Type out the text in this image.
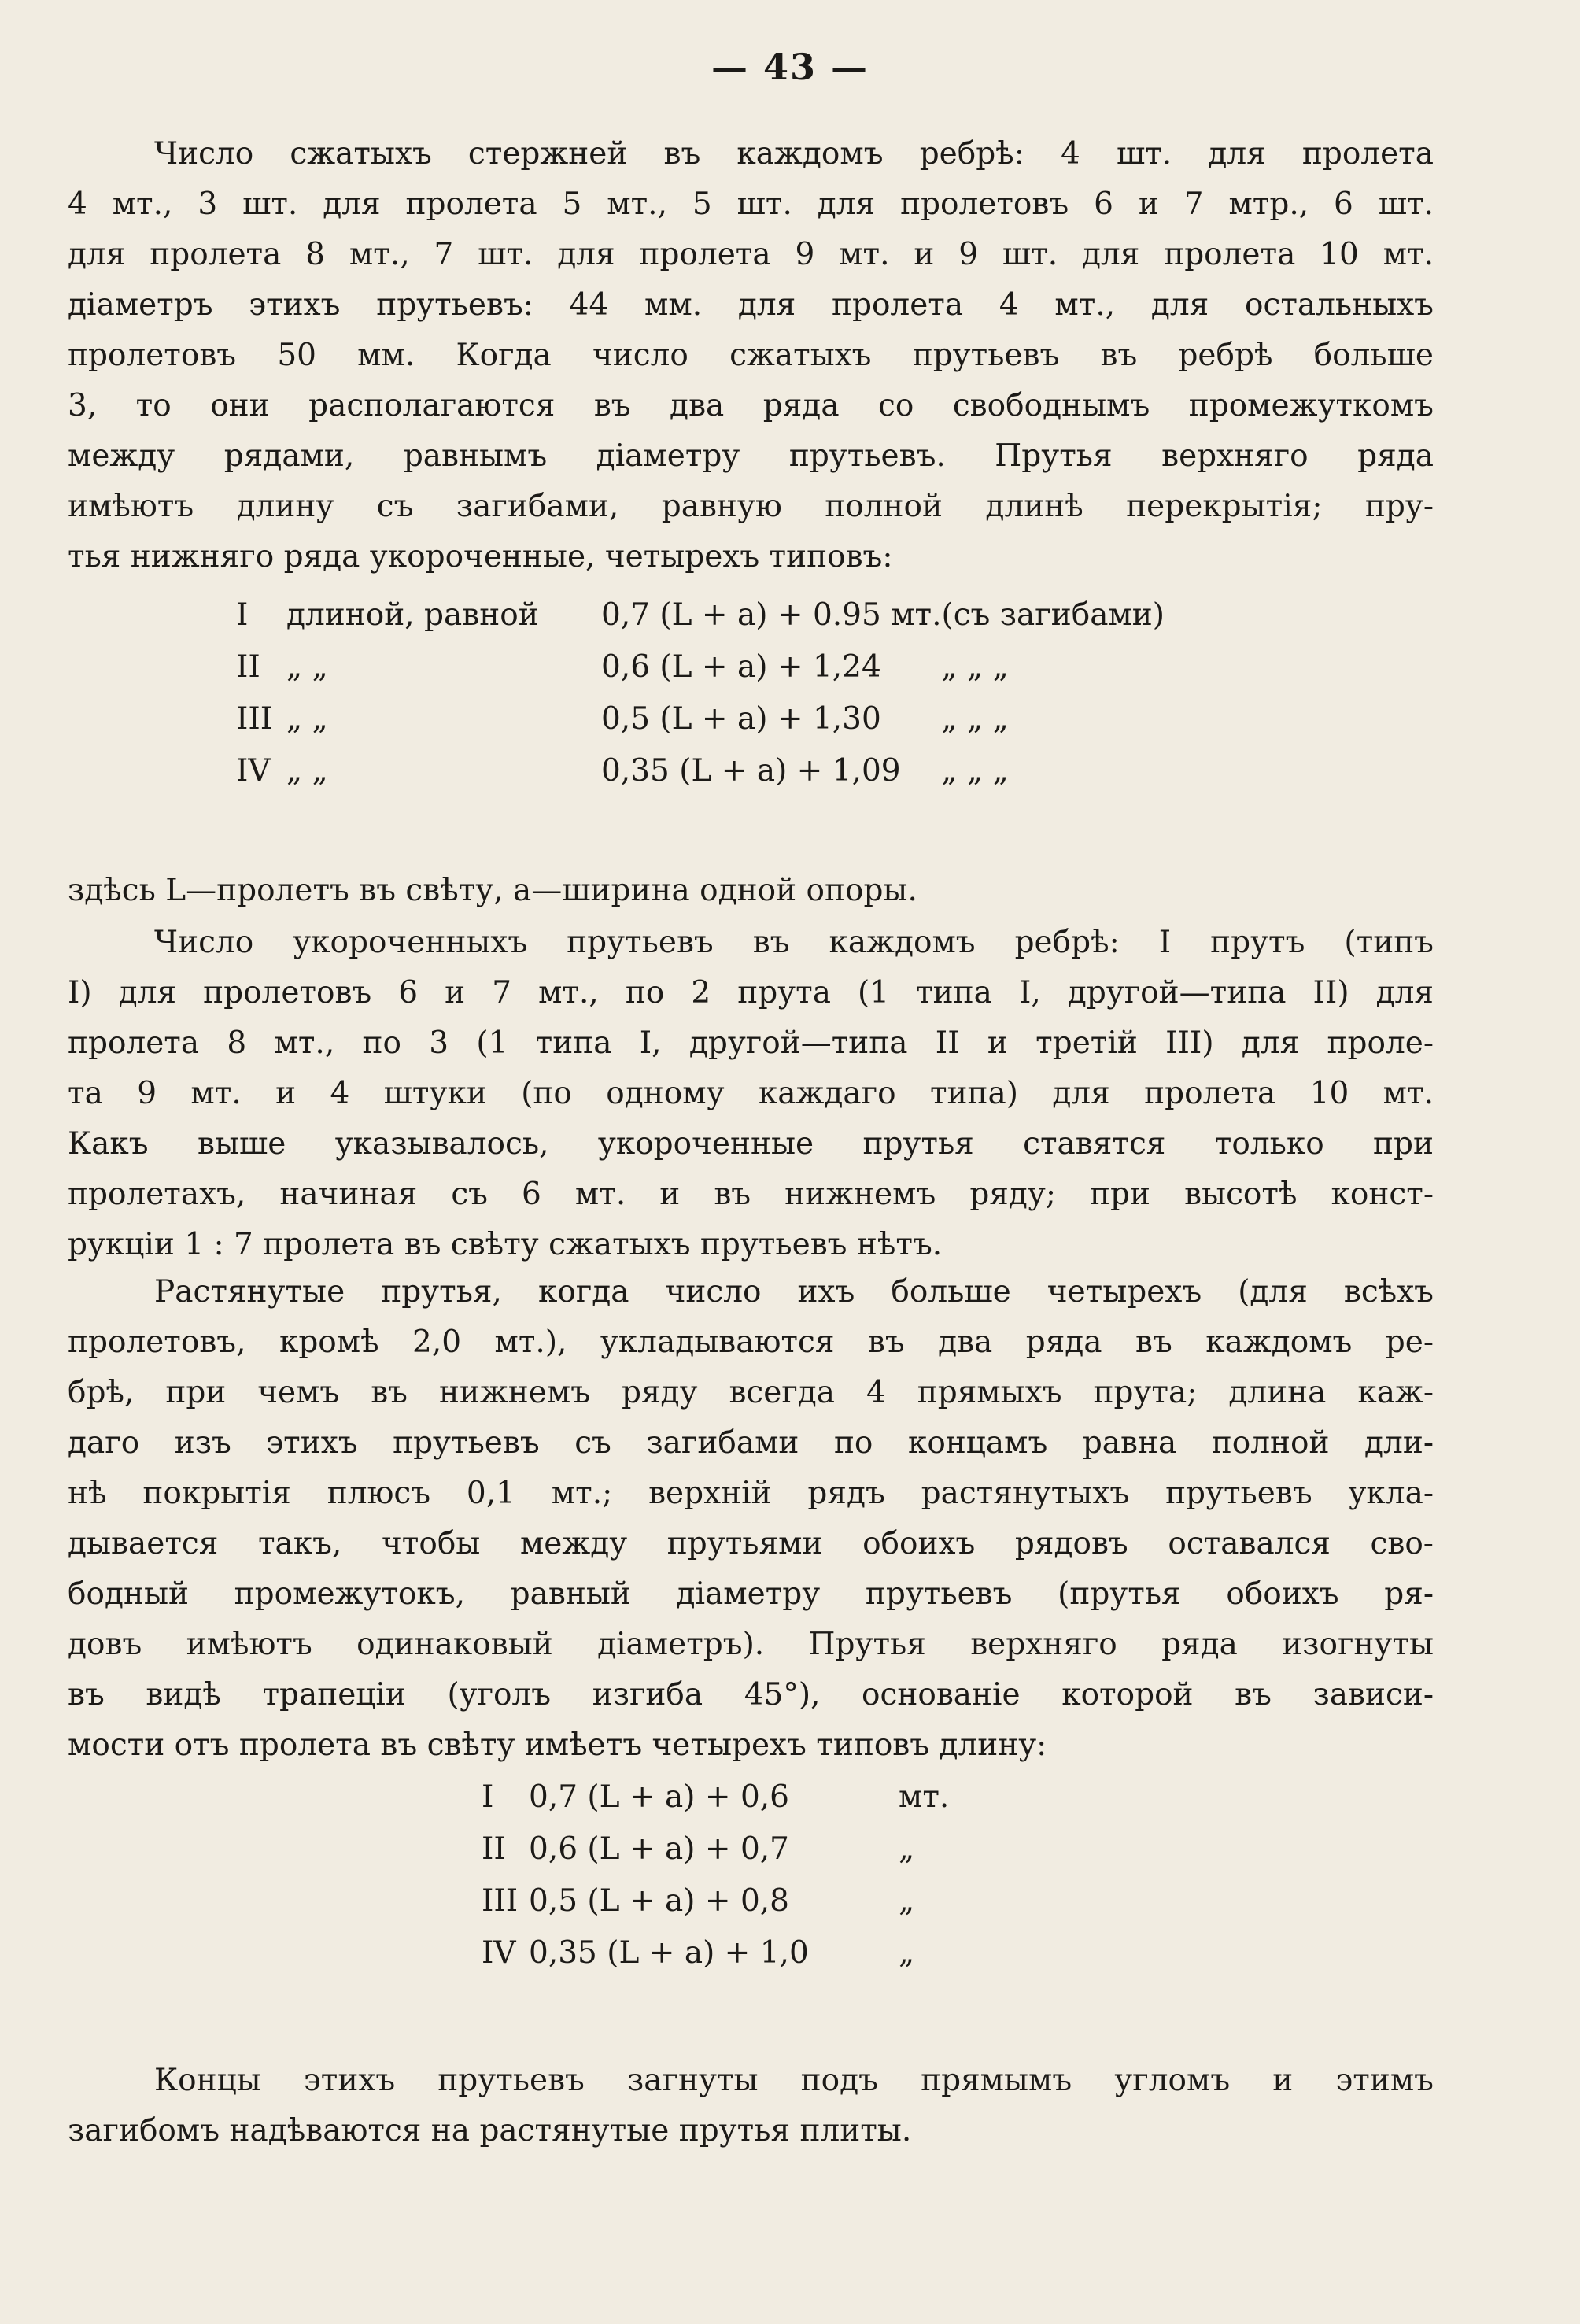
— 43 —
Число сжатыхъ стержней въ каждомъ ребрѣ: 4 шт. для пролета
4 мт., 3 шт. для пролета 5 мт., 5 шт. для пролетовъ 6 и 7 мтр., 6 шт.
для пролета 8 мт., 7 шт. для пролета 9 мт. и 9 шт. для пролета 10 мт.
діаметръ этихъ прутьевъ: 44 мм. для пролета 4 мт., для остальныхъ
пролетовъ 50 мм. Когда число сжатыхъ прутьевъ въ ребрѣ больше
3, то они располагаются въ два ряда со свободнымъ промежуткомъ
между рядами, равнымъ діаметру прутьевъ. Прутья верхняго ряда
имѣютъ длину съ загибами, равную полной длинѣ перекрытія; пру-
тья нижняго ряда укороченные, четырехъ типовъ:
I	длиной, равной	0,7 (L + a) + 0.95 мт.	(съ загибами)
II	„ „	0,6 (L + a) + 1,24	„ „ „
III	„ „	0,5 (L + a) + 1,30	„ „ „
IV	„ „	0,35 (L + a) + 1,09	„ „ „
здѣсь L—пролетъ въ свѣту, a—ширина одной опоры.
Число укороченныхъ прутьевъ въ каждомъ ребрѣ: I прутъ (типъ
I) для пролетовъ 6 и 7 мт., по 2 прута (1 типа I, другой—типа II) для
пролета 8 мт., по 3 (1 типа I, другой—типа II и третій III) для проле-
та 9 мт. и 4 штуки (по одному каждаго типа) для пролета 10 мт.
Какъ выше указывалось, укороченные прутья ставятся только при
пролетахъ, начиная съ 6 мт. и въ нижнемъ ряду; при высотѣ конст-
рукціи 1 : 7 пролета въ свѣту сжатыхъ прутьевъ нѣтъ.
Растянутые прутья, когда число ихъ больше четырехъ (для всѣхъ
пролетовъ, кромѣ 2,0 мт.), укладываются въ два ряда въ каждомъ ре-
брѣ, при чемъ въ нижнемъ ряду всегда 4 прямыхъ прута; длина каж-
даго изъ этихъ прутьевъ съ загибами по концамъ равна полной дли-
нѣ покрытія плюсъ 0,1 мт.; верхній рядъ растянутыхъ прутьевъ укла-
дывается такъ, чтобы между прутьями обоихъ рядовъ оставался сво-
бодный промежутокъ, равный діаметру прутьевъ (прутья обоихъ ря-
довъ имѣютъ одинаковый діаметръ). Прутья верхняго ряда изогнуты
въ видѣ трапеціи (уголъ изгиба 45°), основаніе которой въ зависи-
мости отъ пролета въ свѣту имѣетъ четырехъ типовъ длину:
I	0,7 (L + a) + 0,6	мт.
II	0,6 (L + a) + 0,7	„
III	0,5 (L + a) + 0,8	„
IV	0,35 (L + a) + 1,0	„
Концы этихъ прутьевъ загнуты подъ прямымъ угломъ и этимъ
загибомъ надѣваются на растянутые прутья плиты.
